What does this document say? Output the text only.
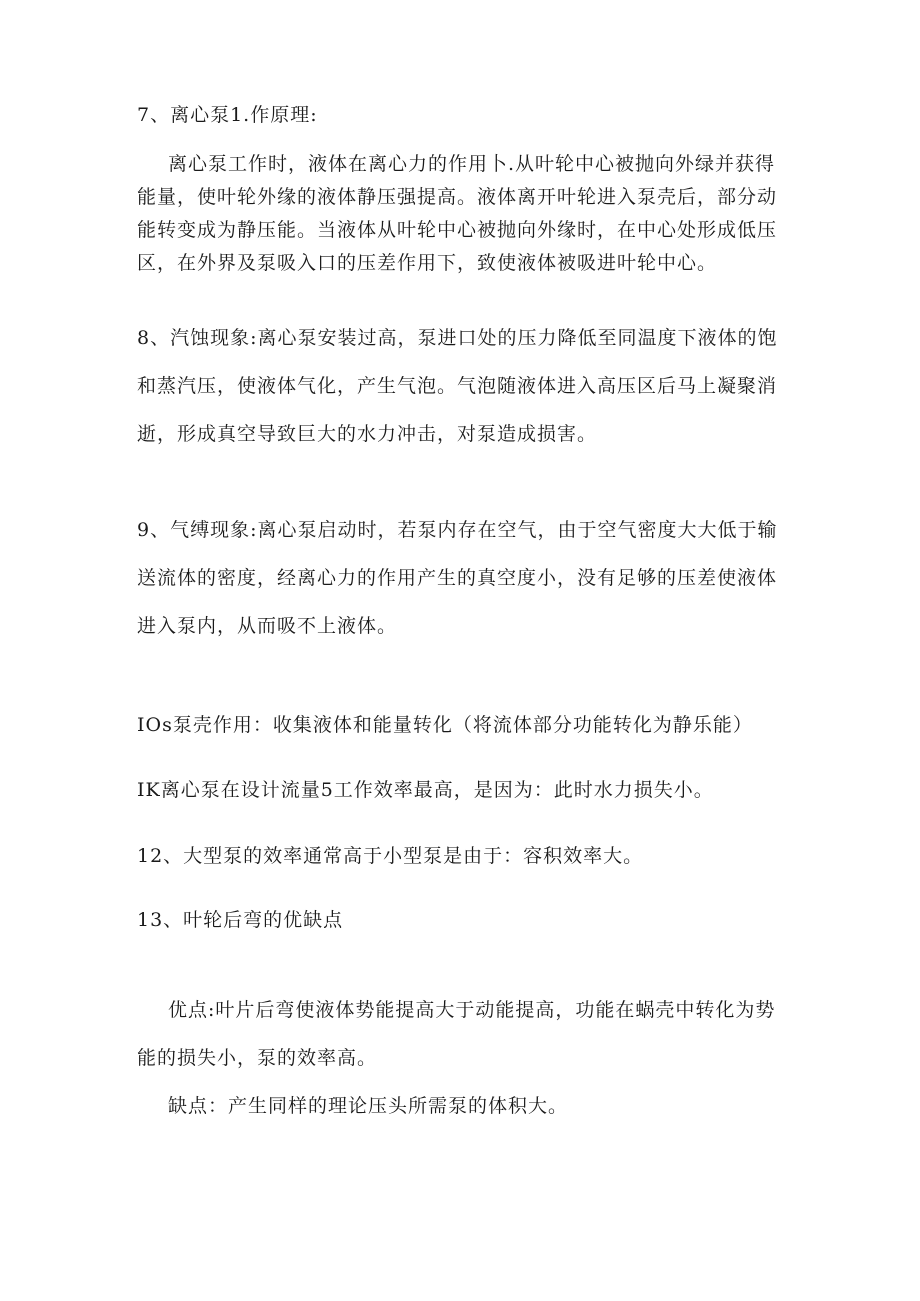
7、离心泵1.作原理:
离心泵工作时，液体在离心力的作用卜.从叶轮中心被抛向外绿并获得
能量，使叶轮外缘的液体静压强提高。液体离开叶轮进入泵壳后，部分动
能转变成为静压能。当液体从叶轮中心被抛向外缘时，在中心处形成低压
区，在外界及泵吸入口的压差作用下，致使液体被吸进叶轮中心。
8、汽蚀现象:离心泵安装过高，泵进口处的压力降低至同温度下液体的饱
和蒸汽压，使液体气化，产生气泡。气泡随液体进入高压区后马上凝聚消
逝，形成真空导致巨大的水力冲击，对泵造成损害。
9、气缚现象:离心泵启动时，若泵内存在空气，由于空气密度大大低于输
送流体的密度，经离心力的作用产生的真空度小，没有足够的压差使液体
进入泵内，从而吸不上液体。
IOs泵壳作用：收集液体和能量转化（将流体部分功能转化为静乐能）
IK离心泵在设计流量5工作效率最高，是因为：此时水力损失小。
12、大型泵的效率通常高于小型泵是由于：容积效率大。
13、叶轮后弯的优缺点
优点:叶片后弯使液体势能提高大于动能提高，功能在蜗壳中转化为势
能的损失小，泵的效率高。
缺点：产生同样的理论压头所需泵的体积大。
